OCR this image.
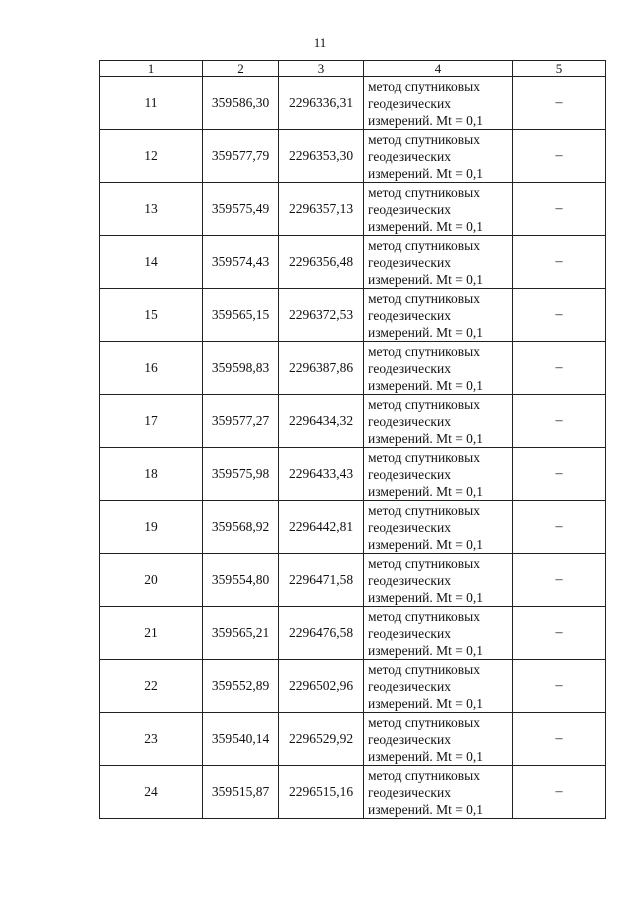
11
1	2	3	4	5
11	359586,30	2296336,31	метод спутниковых
геодезических
измерений. Mt = 0,1	–
12	359577,79	2296353,30	метод спутниковых
геодезических
измерений. Mt = 0,1	–
13	359575,49	2296357,13	метод спутниковых
геодезических
измерений. Mt = 0,1	–
14	359574,43	2296356,48	метод спутниковых
геодезических
измерений. Mt = 0,1	–
15	359565,15	2296372,53	метод спутниковых
геодезических
измерений. Mt = 0,1	–
16	359598,83	2296387,86	метод спутниковых
геодезических
измерений. Mt = 0,1	–
17	359577,27	2296434,32	метод спутниковых
геодезических
измерений. Mt = 0,1	–
18	359575,98	2296433,43	метод спутниковых
геодезических
измерений. Mt = 0,1	–
19	359568,92	2296442,81	метод спутниковых
геодезических
измерений. Mt = 0,1	–
20	359554,80	2296471,58	метод спутниковых
геодезических
измерений. Mt = 0,1	–
21	359565,21	2296476,58	метод спутниковых
геодезических
измерений. Mt = 0,1	–
22	359552,89	2296502,96	метод спутниковых
геодезических
измерений. Mt = 0,1	–
23	359540,14	2296529,92	метод спутниковых
геодезических
измерений. Mt = 0,1	–
24	359515,87	2296515,16	метод спутниковых
геодезических
измерений. Mt = 0,1	–
